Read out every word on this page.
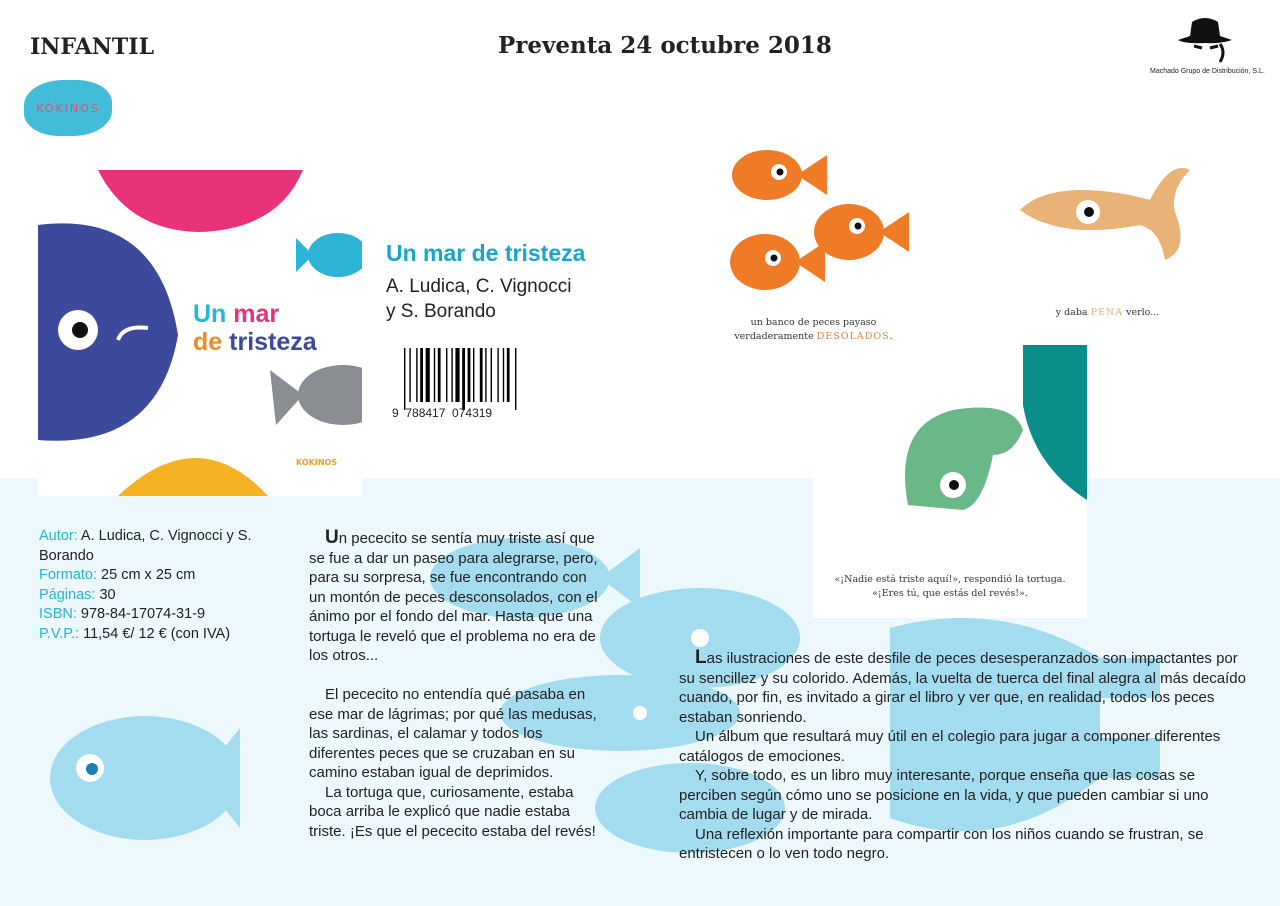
INFANTIL	Preventa 24 octubre 2018
Machado Grupo de Distribución, S.L.
KÓKINOS
Un mar
de tristeza
KÓKINOS
Un mar de tristeza
A. Ludica, C. Vignocci
y S. Borando
9  788417  074319
un banco de peces payaso
verdaderamente DESOLADOS.
y daba PENA verlo...
«¡Nadie está triste aquí!», respondió la tortuga.
«¡Eres tú, que estás del revés!».
Autor: A. Ludica, C. Vignocci y S. Borando
Formato: 25 cm x 25 cm
Páginas: 30
ISBN: 978-84-17074-31-9
P.V.P.: 11,54 €/ 12 € (con IVA)

Un pececito se sentía muy triste así que se fue a dar un paseo para alegrarse, pero, para su sorpresa, se fue encontrando con un montón de peces desconsolados, con el ánimo por el fondo del mar. Hasta que una tortuga le reveló que el problema no era de los otros...

El pececito no entendía qué pasaba en ese mar de lágrimas; por qué las medusas, las sardinas, el calamar y todos los diferentes peces que se cruzaban en su camino estaban igual de deprimidos.

La tortuga que, curiosamente, estaba boca arriba le explicó que nadie estaba triste. ¡Es que el pececito estaba del revés!

Las ilustraciones de este desfile de peces desesperanzados son impactantes por su sencillez y su colorido. Además, la vuelta de tuerca del final alegra al más decaído cuando, por fin, es invitado a girar el libro y ver que, en realidad, todos los peces estaban sonriendo.

Un álbum que resultará muy útil en el colegio para jugar a componer diferentes catálogos de emociones.

Y, sobre todo, es un libro muy interesante, porque enseña que las cosas se perciben según cómo uno se posicione en la vida, y que pueden cambiar si uno cambia de lugar y de mirada.

Una reflexión importante para compartir con los niños cuando se frustran, se entristecen o lo ven todo negro.
